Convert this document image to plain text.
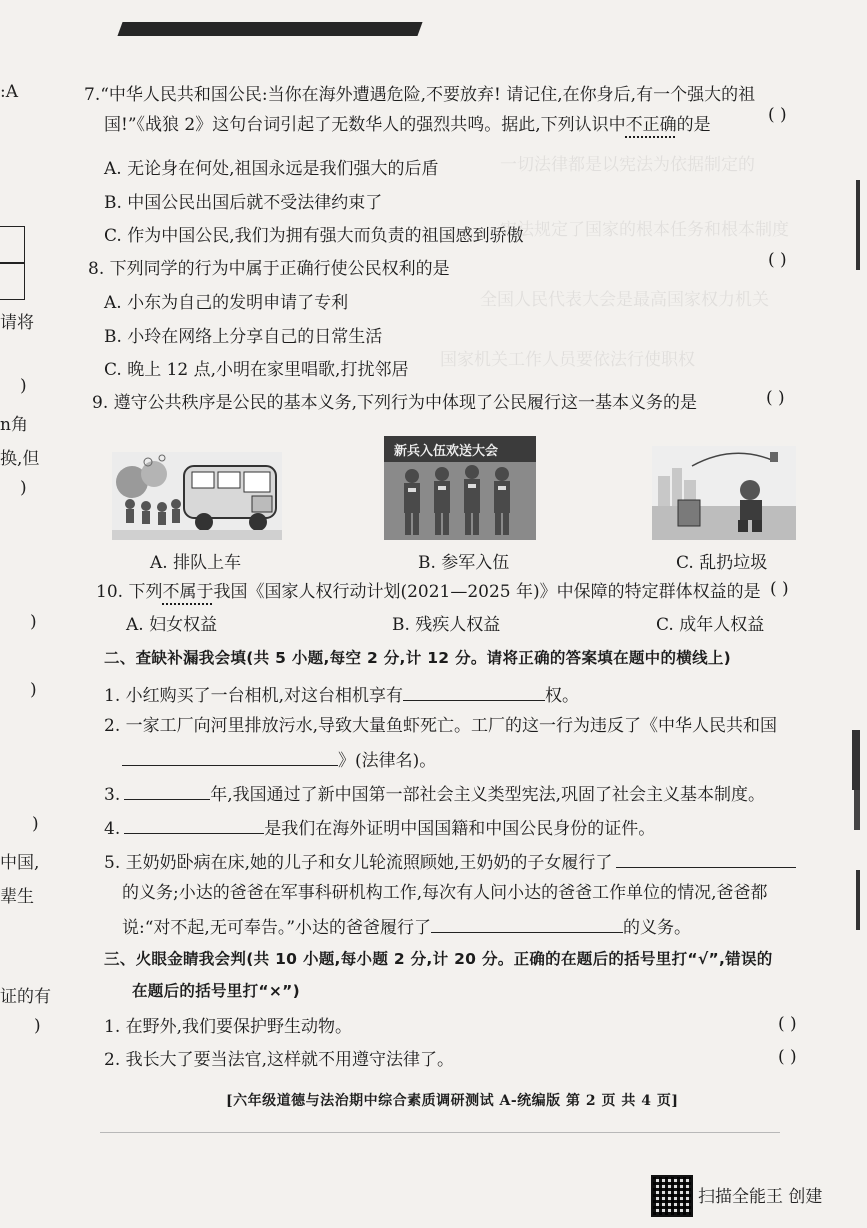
一切法律都是以宪法为依据制定的
宪法规定了国家的根本任务和根本制度
全国人民代表大会是最高国家权力机关
国家机关工作人员要依法行使职权
:A
请将
)
n角
换,但
)
)
)
)
中国,
辈生
证的有
)
7.“中华人民共和国公民:当你在海外遭遇危险,不要放弃! 请记住,在你身后,有一个强大的祖
国!”《战狼 2》这句台词引起了无数华人的强烈共鸣。据此,下列认识中不正确的是	( )
A. 无论身在何处,祖国永远是我们强大的后盾
B. 中国公民出国后就不受法律约束了
C. 作为中国公民,我们为拥有强大而负责的祖国感到骄傲
8. 下列同学的行为中属于正确行使公民权利的是	( )
A. 小东为自己的发明申请了专利
B. 小玲在网络上分享自己的日常生活
C. 晚上 12 点,小明在家里唱歌,打扰邻居
9. 遵守公共秩序是公民的基本义务,下列行为中体现了公民履行这一基本义务的是	( )
A. 排队上车
新兵入伍欢送大会
B. 参军入伍	C. 乱扔垃圾
10. 下列不属于我国《国家人权行动计划(2021—2025 年)》中保障的特定群体权益的是 ( )
A. 妇女权益	B. 残疾人权益	C. 成年人权益
二、查缺补漏我会填(共 5 小题,每空 2 分,计 12 分。请将正确的答案填在题中的横线上)
1. 小红购买了一台相机,对这台相机享有	权。
2. 一家工厂向河里排放污水,导致大量鱼虾死亡。工厂的这一行为违反了《中华人民共和国
》(法律名)。
3.	年,我国通过了新中国第一部社会主义类型宪法,巩固了社会主义基本制度。
4.	是我们在海外证明中国国籍和中国公民身份的证件。
5. 王奶奶卧病在床,她的儿子和女儿轮流照顾她,王奶奶的子女履行了
的义务;小达的爸爸在军事科研机构工作,每次有人问小达的爸爸工作单位的情况,爸爸都
说:“对不起,无可奉告。”小达的爸爸履行了	的义务。
三、火眼金睛我会判(共 10 小题,每小题 2 分,计 20 分。正确的在题后的括号里打“√”,错误的
在题后的括号里打“×”)
1. 在野外,我们要保护野生动物。	( )
2. 我长大了要当法官,这样就不用遵守法律了。	( )
[六年级道德与法治期中综合素质调研测试 A-统编版 第 2 页 共 4 页]
扫描全能王 创建
